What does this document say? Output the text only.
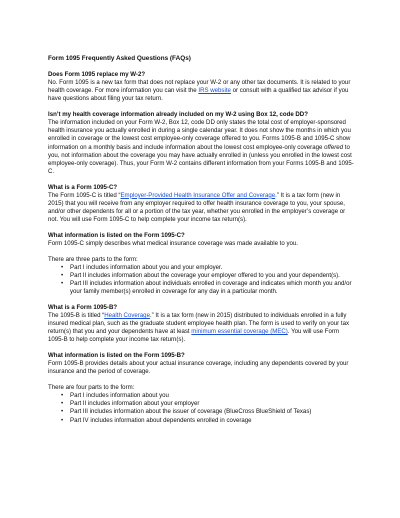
Form 1095 Frequently Asked Questions (FAQs)

Does Form 1095 replace my W-2?

No. Form 1095 is a new tax form that does not replace your W-2 or any other tax documents. It is related to your health coverage. For more information you can visit the IRS website or consult with a qualified tax advisor if you have questions about filing your tax return.

Isn’t my health coverage information already included on my W-2 using Box 12, code DD?

The information included on your Form W-2, Box 12, code DD only states the total cost of employer-sponsored health insurance you actually enrolled in during a single calendar year. It does not show the months in which you enrolled in coverage or the lowest cost employee-only coverage offered to you. Forms 1095-B and 1095-C show information on a monthly basis and include information about the lowest cost employee-only coverage offered to you, not information about the coverage you may have actually enrolled in (unless you enrolled in the lowest cost employee-only coverage). Thus, your Form W-2 contains different information from your Forms 1095-B and 1095-C.

What is a Form 1095-C?

The Form 1095-C is titled “Employer-Provided Health Insurance Offer and Coverage.” It is a tax form (new in 2015) that you will receive from any employer required to offer health insurance coverage to you, your spouse, and/or other dependents for all or a portion of the tax year, whether you enrolled in the employer’s coverage or not. You will use Form 1095-C to help complete your income tax return(s).

What information is listed on the Form 1095-C?

Form 1095-C simply describes what medical insurance coverage was made available to you.

There are three parts to the form:

• Part I includes information about you and your employer.
• Part II includes information about the coverage your employer offered to you and your dependent(s).
• Part III includes information about individuals enrolled in coverage and indicates which month you and/or your family member(s) enrolled in coverage for any day in a particular month.

What is a Form 1095-B?

The 1095-B is titled “Health Coverage.” It is a tax form (new in 2015) distributed to individuals enrolled in a fully insured medical plan, such as the graduate student employee health plan. The form is used to verify on your tax return(s) that you and your dependents have at least minimum essential coverage (MEC). You will use Form 1095-B to help complete your income tax return(s).

What information is listed on the Form 1095-B?

Form 1095-B provides details about your actual insurance coverage, including any dependents covered by your insurance and the period of coverage.

There are four parts to the form:

• Part I includes information about you
• Part II includes information about your employer
• Part III includes information about the issuer of coverage (BlueCross BlueShield of Texas)
• Part IV includes information about dependents enrolled in coverage
